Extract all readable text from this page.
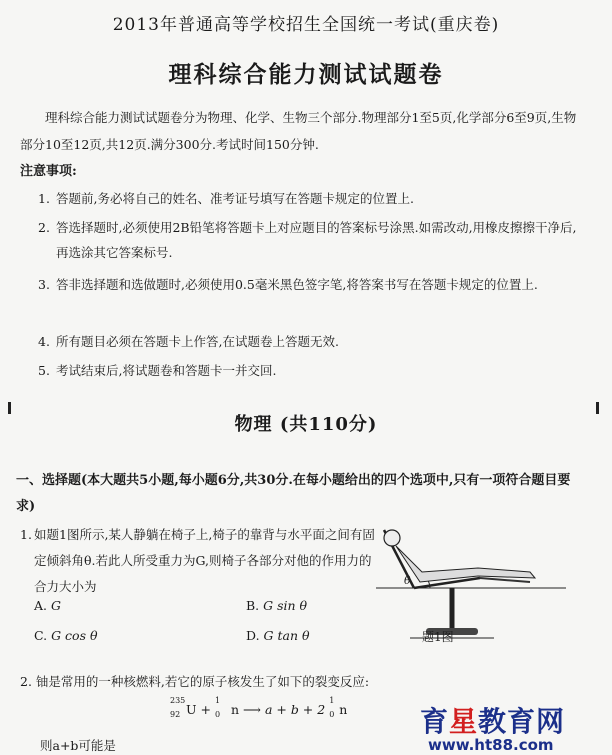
2013年普通高等学校招生全国统一考试(重庆卷)
理科综合能力测试试题卷
理科综合能力测试试题卷分为物理、化学、生物三个部分.物理部分1至5页,化学部分6至9页,生物部分10至12页,共12页.满分300分.考试时间150分钟.
注意事项:
1. 答题前,务必将自己的姓名、准考证号填写在答题卡规定的位置上.
2. 答选择题时,必须使用2B铅笔将答题卡上对应题目的答案标号涂黑.如需改动,用橡皮擦擦干净后,再选涂其它答案标号.
3. 答非选择题和选做题时,必须使用0.5毫米黑色签字笔,将答案书写在答题卡规定的位置上.
4. 所有题目必须在答题卡上作答,在试题卷上答题无效.
5. 考试结束后,将试题卷和答题卡一并交回.
物理 (共110分)
一、选择题(本大题共5小题,每小题6分,共30分.在每小题给出的四个选项中,只有一项符合题目要求)
1. 如题1图所示,某人静躺在椅子上,椅子的靠背与水平面之间有固定倾斜角θ.若此人所受重力为G,则椅子各部分对他的作用力的合力大小为
A. G	B. G sin θ
C. G cos θ	D. G tan θ
θ
题1图
2. 铀是常用的一种核燃料,若它的原子核发生了如下的裂变反应:
235
92 U +
1
0 n ⟶ a + b + 2
1
0 n
则a+b可能是
育星教育网
www.ht88.com
